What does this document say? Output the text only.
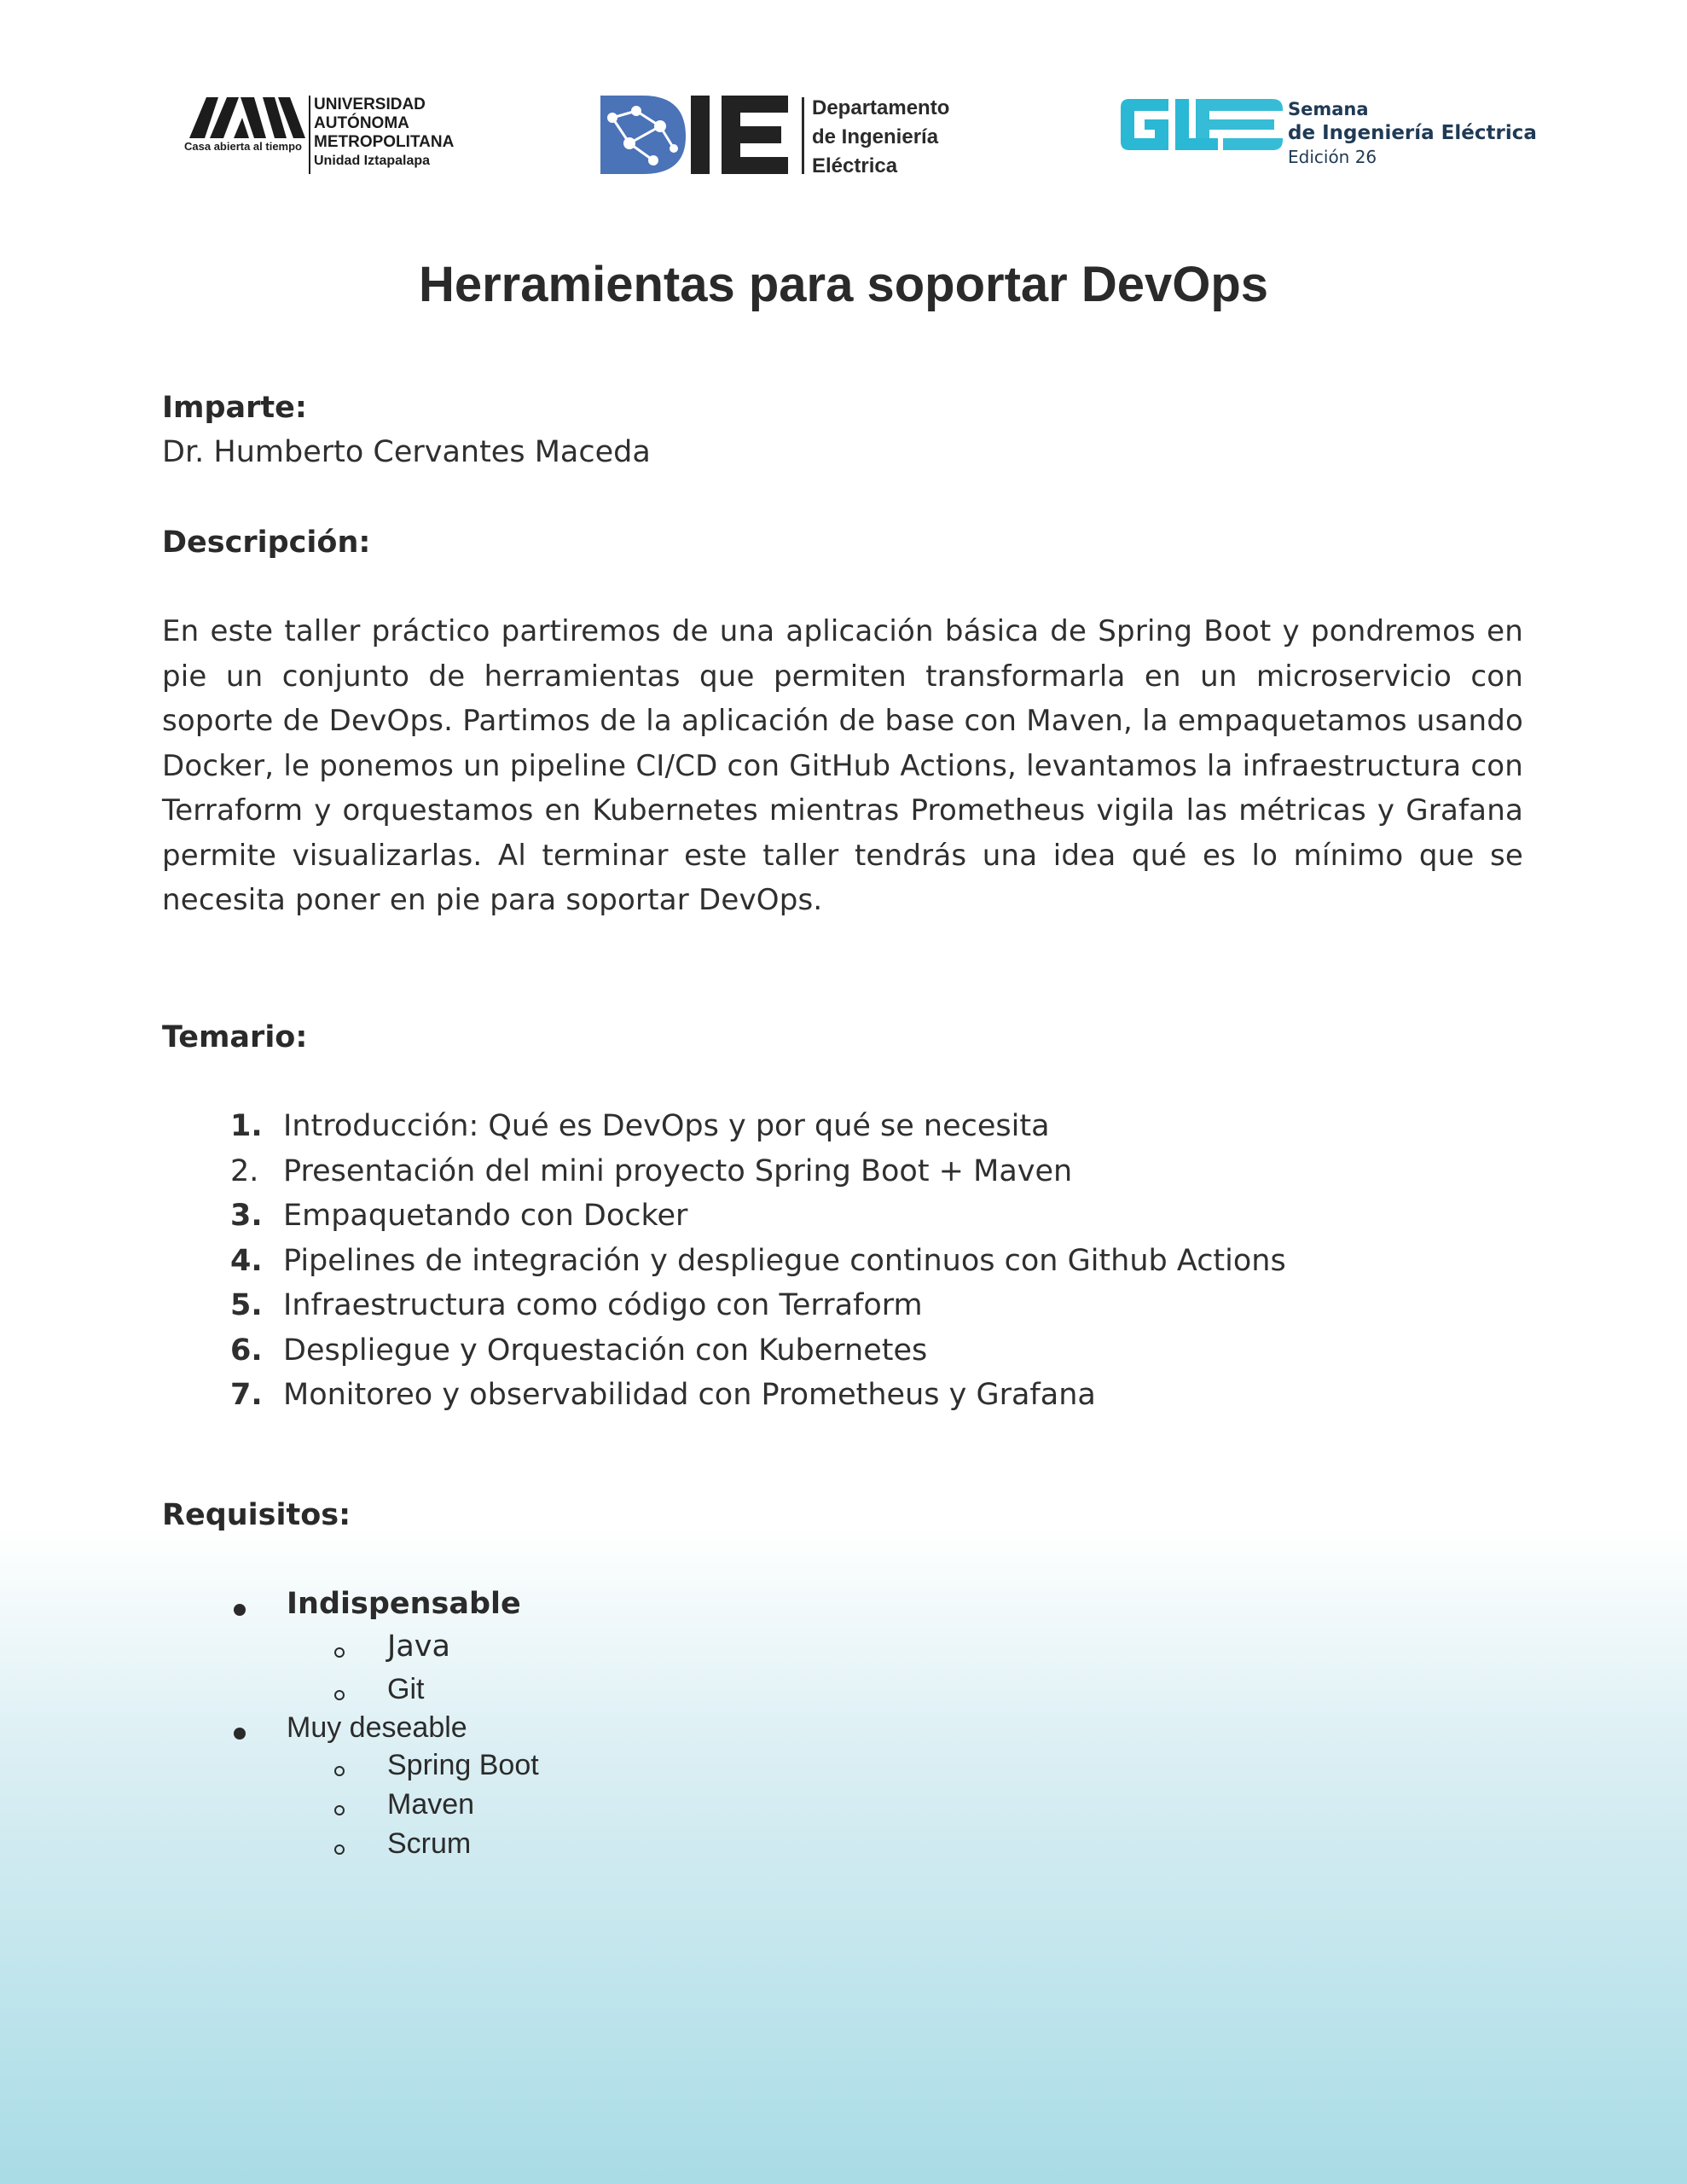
Casa abierta al tiempo
UNIVERSIDAD
AUTÓNOMA
METROPOLITANA
Unidad Iztapalapa
Departamento
de Ingeniería
Eléctrica
Semana
de Ingeniería Eléctrica
Edición 26
Herramientas para soportar DevOps
Imparte:
Dr. Humberto Cervantes Maceda
Descripción:
En este taller práctico partiremos de una aplicación básica de Spring Boot y pondremos en pie un conjunto de herramientas que permiten transformarla en un microservicio con soporte de DevOps. Partimos de la aplicación de base con Maven, la empaquetamos usando Docker, le ponemos un pipeline CI/CD con GitHub Actions, levantamos la infraestructura con Terraform y orquestamos en Kubernetes mientras Prometheus vigila las métricas y Grafana permite visualizarlas. Al terminar este taller tendrás una idea qué es lo mínimo que se necesita poner en pie para soportar DevOps.
Temario:
1. Introducción: Qué es DevOps y por qué se necesita
2. Presentación del mini proyecto Spring Boot + Maven
3. Empaquetando con Docker
4. Pipelines de integración y despliegue continuos con Github Actions
5. Infraestructura como código con Terraform
6. Despliegue y Orquestación con Kubernetes
7. Monitoreo y observabilidad con Prometheus y Grafana
Requisitos:
Indispensable
Java
Git
Muy deseable
Spring Boot
Maven
Scrum
